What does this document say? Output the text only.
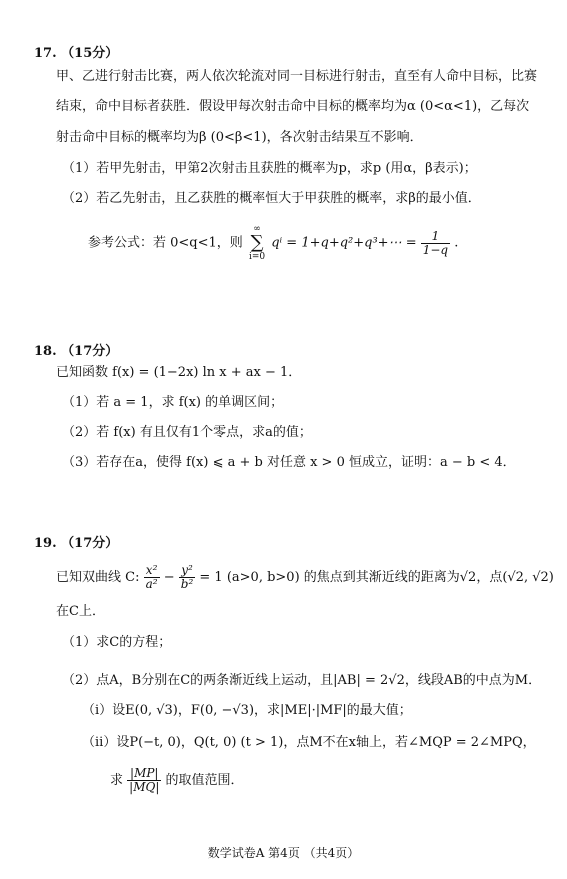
17. （15分）
甲、乙进行射击比赛，两人依次轮流对同一目标进行射击，直至有人命中目标，比赛
结束，命中目标者获胜．假设甲每次射击命中目标的概率均为α (0<α<1)，乙每次
射击命中目标的概率均为β (0<β<1)，各次射击结果互不影响．
（1）若甲先射击，甲第2次射击且获胜的概率为p，求p (用α，β表示)；
（2）若乙先射击，且乙获胜的概率恒大于甲获胜的概率，求β的最小值．
参考公式：若 0<q<1，则
∞
∑
i=0
qⁱ = 1+q+q²+q³+⋯ = $\frac{1}{1-q}$ .
18. （17分）
已知函数 f(x) = (1−2x) ln x + ax − 1．
（1）若 a = 1，求 f(x) 的单调区间；
（2）若 f(x) 有且仅有1个零点，求a的值；
（3）若存在a，使得 f(x) ⩽ a + b 对任意 x > 0 恒成立，证明：a − b < 4．
19. （17分）
已知双曲线 C: $\frac{\text{x²}}{\text{a²}} - \frac{\text{y²}}{\text{b²}} = 1$ (a>0, b>0) 的焦点到其渐近线的距离为√2，点(√2, √2)
在C上．
（1）求C的方程；
（2）点A，B分别在C的两条渐近线上运动，且|AB| = 2√2，线段AB的中点为M．
（i）设E(0, √3)，F(0, −√3)，求|ME|·|MF|的最大值；
（ii）设P(−t, 0)，Q(t, 0) (t > 1)，点M不在x轴上，若∠MQP = 2∠MPQ，
求 $\frac{|MP|}{|MQ|}$ 的取值范围．
数学试卷A 第4页 （共4页）
